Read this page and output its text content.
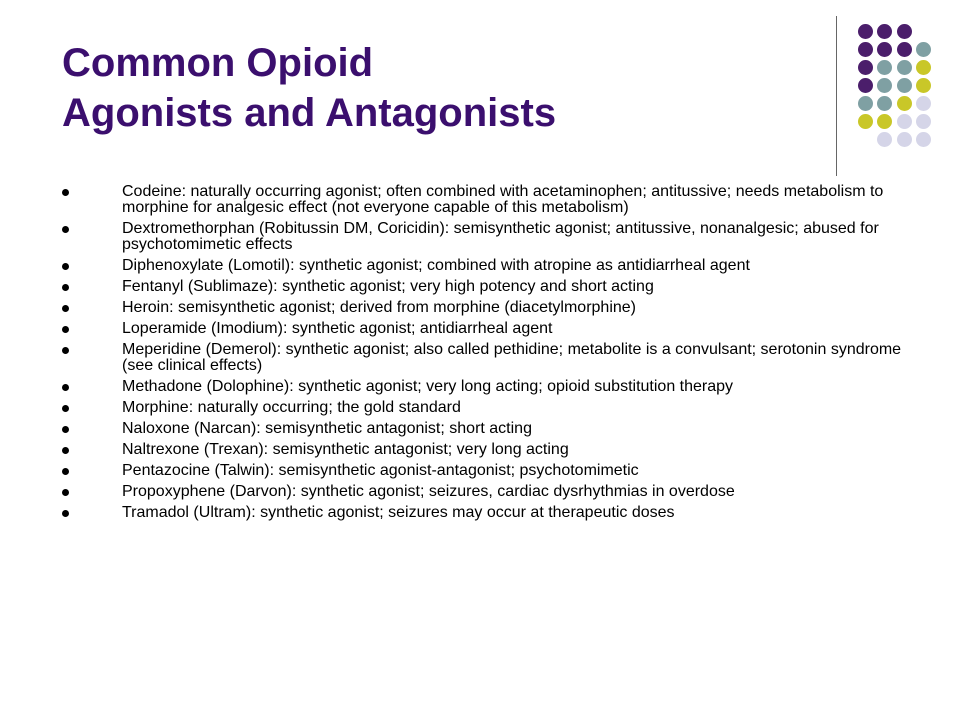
Common Opioid
Agonists and Antagonists
Codeine: naturally occurring agonist; often combined with acetaminophen; antitussive; needs metabolism to morphine for analgesic effect (not everyone capable of this metabolism)
Dextromethorphan (Robitussin DM, Coricidin): semisynthetic agonist; antitussive, nonanalgesic; abused for psychotomimetic effects
Diphenoxylate (Lomotil): synthetic agonist; combined with atropine as antidiarrheal agent
Fentanyl (Sublimaze): synthetic agonist; very high potency and short acting
Heroin: semisynthetic agonist; derived from morphine (diacetylmorphine)
Loperamide (Imodium): synthetic agonist; antidiarrheal agent
Meperidine (Demerol): synthetic agonist; also called pethidine; metabolite is a convulsant; serotonin syndrome (see clinical effects)
Methadone (Dolophine): synthetic agonist; very long acting; opioid substitution therapy
Morphine: naturally occurring; the gold standard
Naloxone (Narcan): semisynthetic antagonist; short acting
Naltrexone (Trexan): semisynthetic antagonist; very long acting
Pentazocine (Talwin): semisynthetic agonist-antagonist; psychotomimetic
Propoxyphene (Darvon): synthetic agonist; seizures, cardiac dysrhythmias in overdose
Tramadol (Ultram): synthetic agonist; seizures may occur at therapeutic doses
